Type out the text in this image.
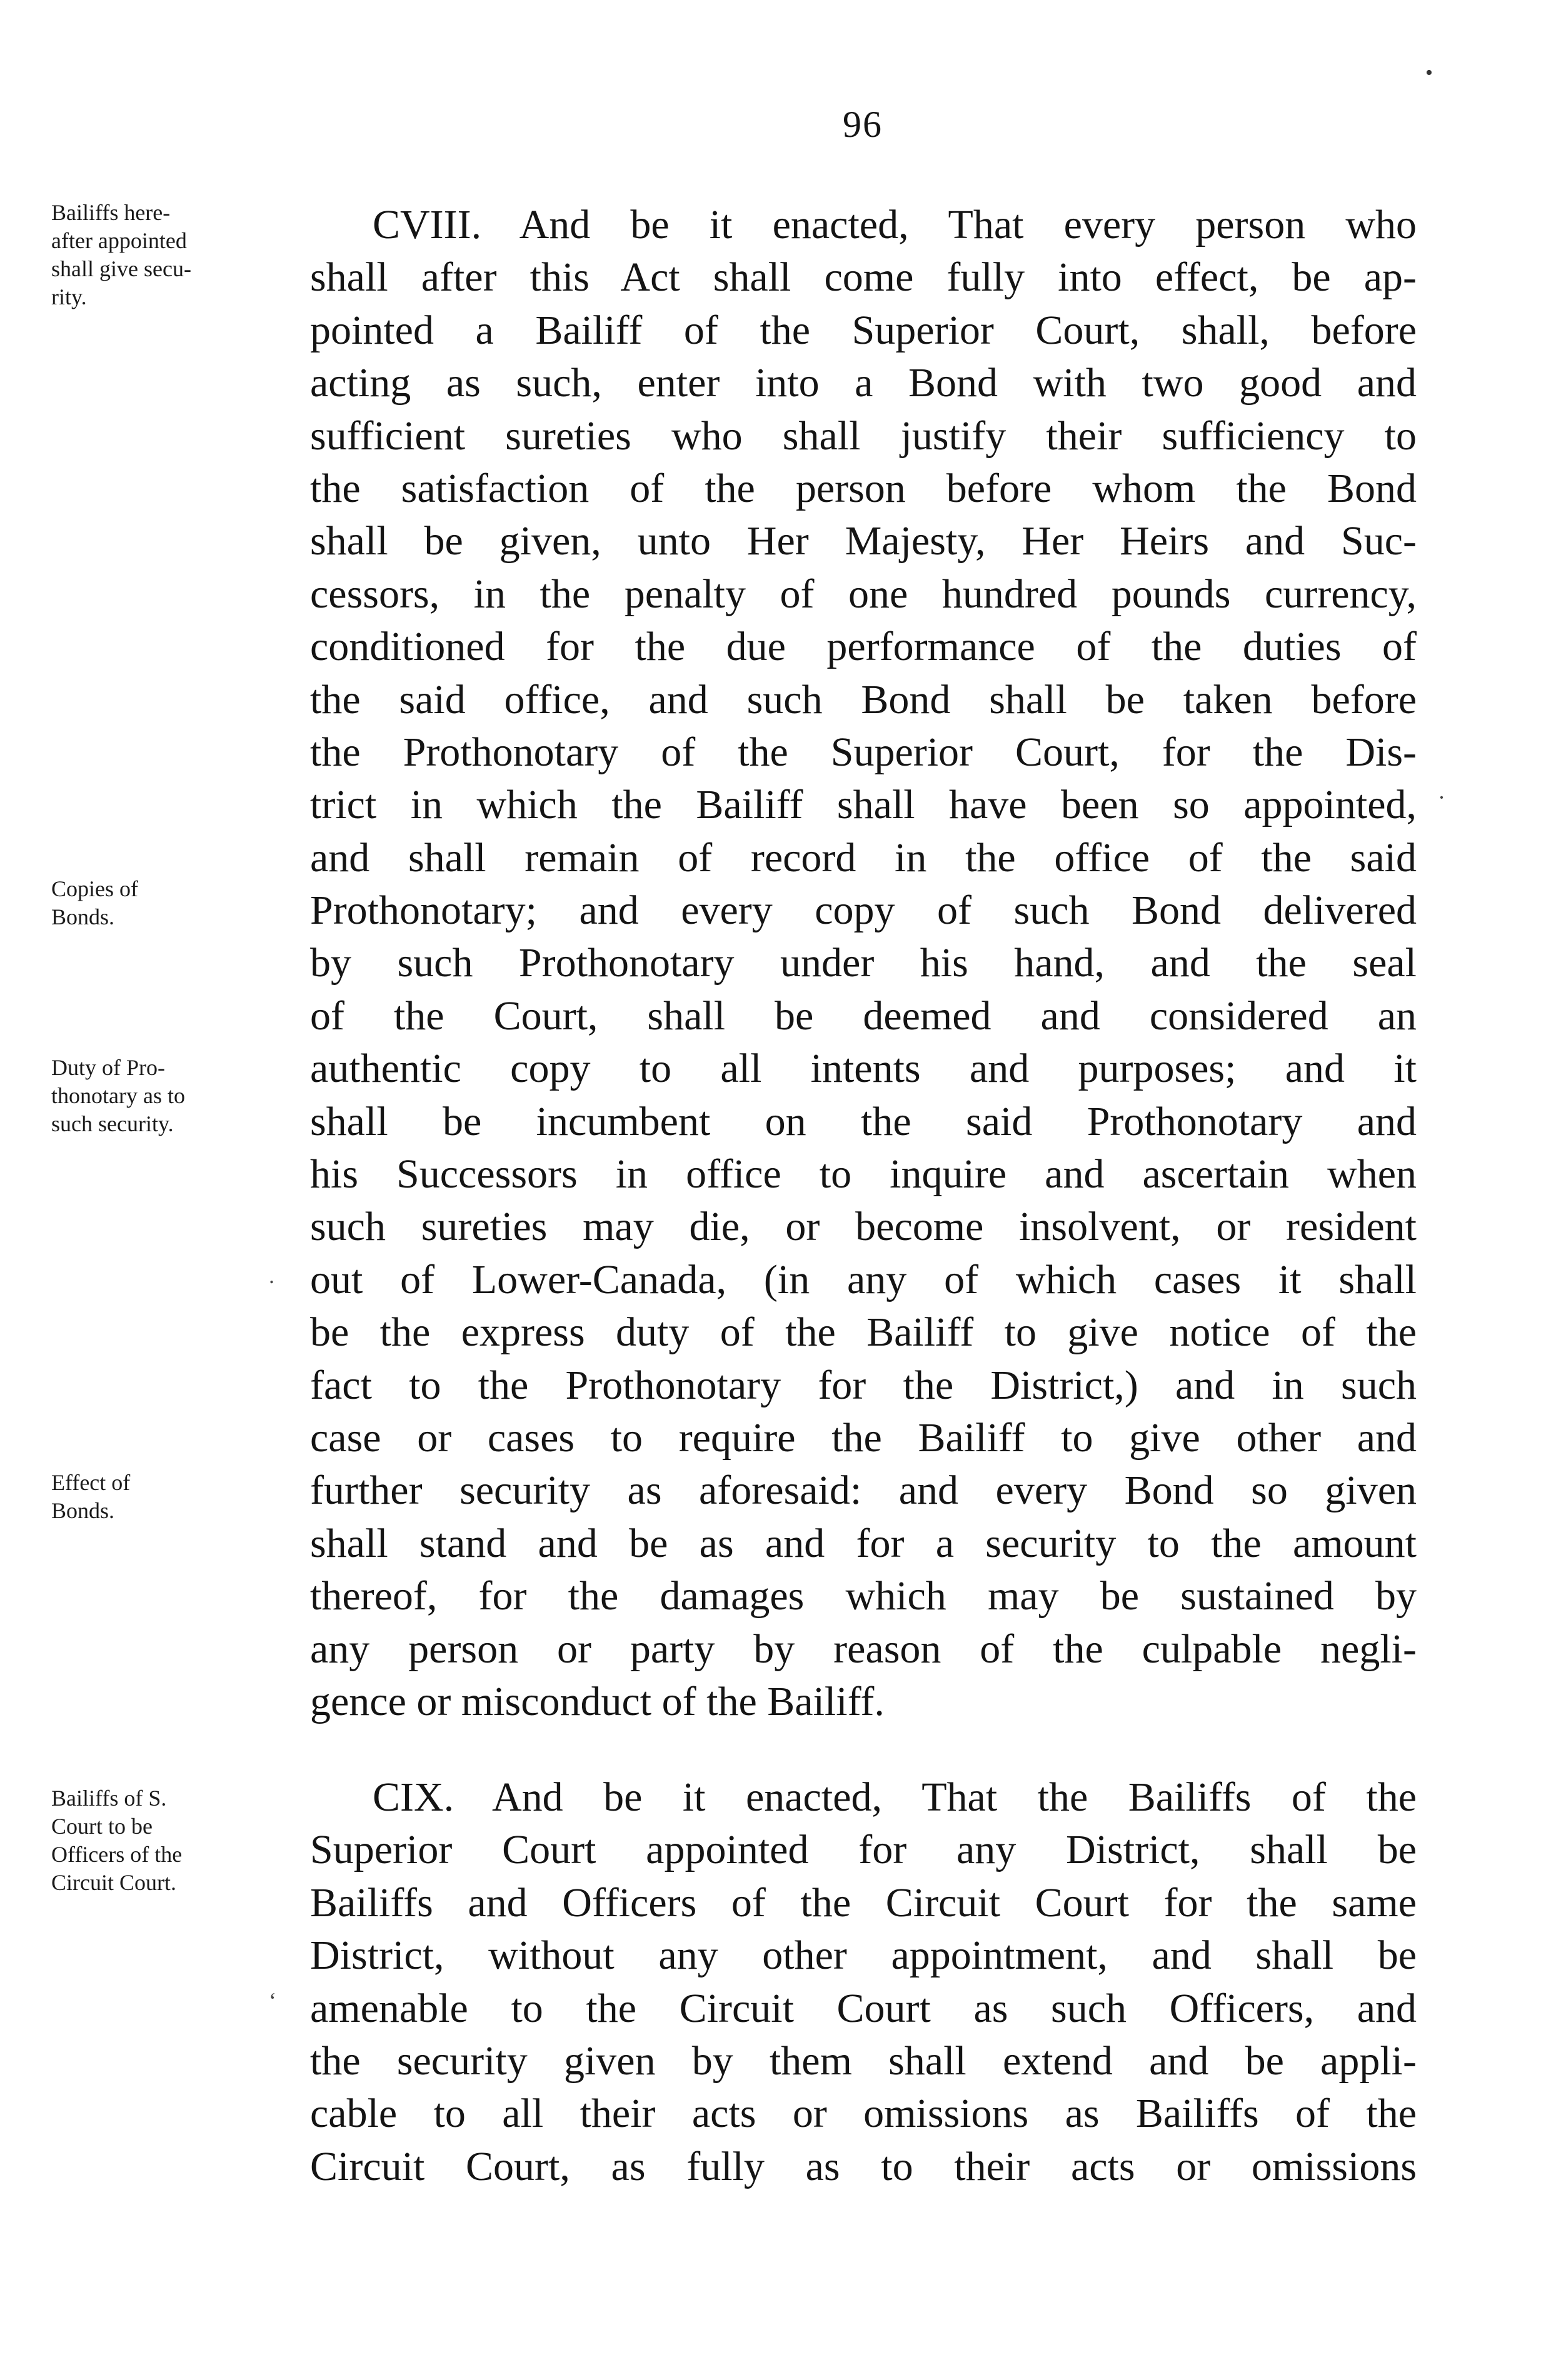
•
96

CVIII. And be it enacted, That every person who

shall after this Act shall come fully into effect, be ap-

pointed a Bailiff of the Superior Court, shall, before

acting as such, enter into a Bond with two good and

sufficient sureties who shall justify their sufficiency to

the satisfaction of the person before whom the Bond

shall be given, unto Her Majesty, Her Heirs and Suc-

cessors, in the penalty of one hundred pounds currency,

conditioned for the due performance of the duties of

the said office, and such Bond shall be taken before

the Prothonotary of the Superior Court, for the Dis-

trict in which the Bailiff shall have been so appointed,

and shall remain of record in the office of the said

Prothonotary; and every copy of such Bond delivered

by such Prothonotary under his hand, and the seal

of the Court, shall be deemed and considered an

authentic copy to all intents and purposes; and it

shall be incumbent on the said Prothonotary and

his Successors in office to inquire and ascertain when

such sureties may die, or become insolvent, or resident

out of Lower-Canada, (in any of which cases it shall

be the express duty of the Bailiff to give notice of the

fact to the Prothonotary for the District,) and in such

case or cases to require the Bailiff to give other and

further security as aforesaid: and every Bond so given

shall stand and be as and for a security to the amount

thereof, for the damages which may be sustained by

any person or party by reason of the culpable negli-

gence or misconduct of the Bailiff.

CIX. And be it enacted, That the Bailiffs of the

Superior Court appointed for any District, shall be

Bailiffs and Officers of the Circuit Court for the same

District, without any other appointment, and shall be

amenable to the Circuit Court as such Officers, and

the security given by them shall extend and be appli-

cable to all their acts or omissions as Bailiffs of the

Circuit Court, as fully as to their acts or omissions

Bailiffs here-
after appointed
shall give secu-
rity.
Copies of
Bonds.
Duty of Pro-
thonotary as to
such security.
Effect of
Bonds.
Bailiffs of S.
Court to be
Officers of the
Circuit Court.
·
.
ʻ
